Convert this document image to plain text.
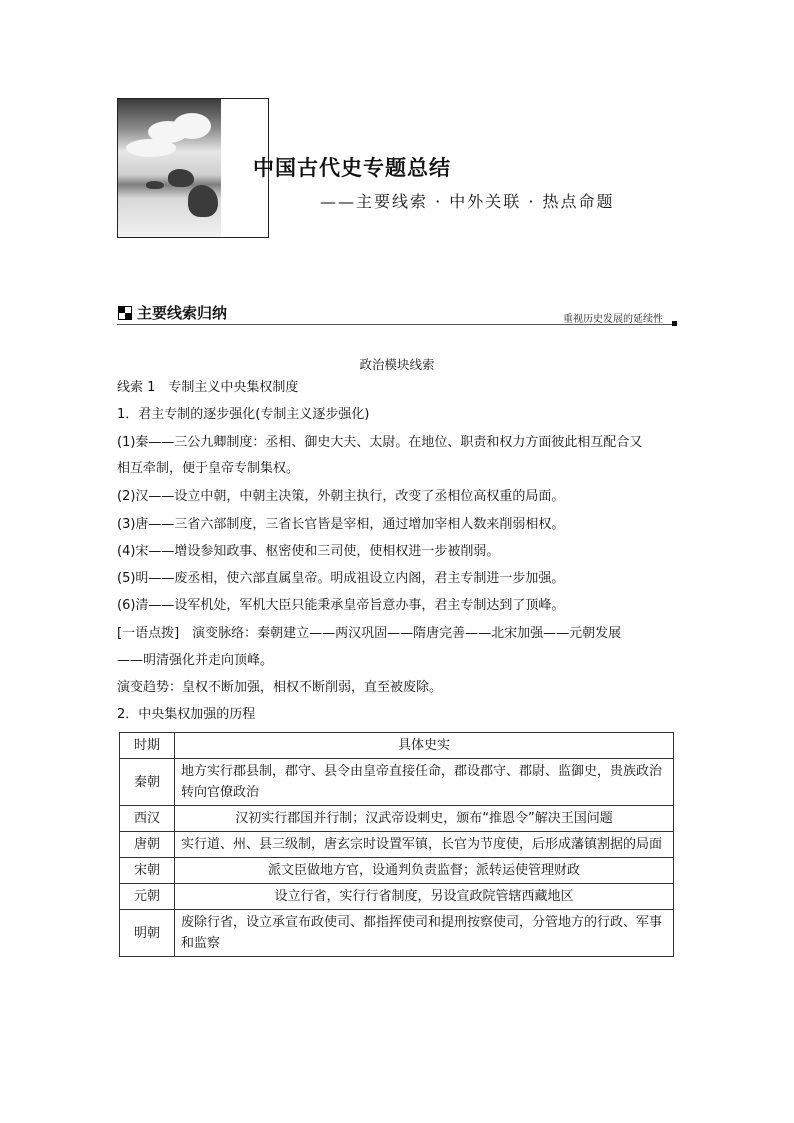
中国古代史专题总结
——主要线索 · 中外关联 · 热点命题
主要线索归纳	重视历史发展的延续性
政治模块线索
线索 1　专制主义中央集权制度
1．君主专制的逐步强化(专制主义逐步强化)
(1)秦——三公九卿制度：丞相、御史大夫、太尉。在地位、职责和权力方面彼此相互配合又
相互牵制，便于皇帝专制集权。
(2)汉——设立中朝，中朝主决策，外朝主执行，改变了丞相位高权重的局面。
(3)唐——三省六部制度，三省长官皆是宰相，通过增加宰相人数来削弱相权。
(4)宋——增设参知政事、枢密使和三司使，使相权进一步被削弱。
(5)明——废丞相，使六部直属皇帝。明成祖设立内阁，君主专制进一步加强。
(6)清——设军机处，军机大臣只能秉承皇帝旨意办事，君主专制达到了顶峰。
[一语点拨]　演变脉络：秦朝建立——两汉巩固——隋唐完善——北宋加强——元朝发展
——明清强化并走向顶峰。
演变趋势：皇权不断加强，相权不断削弱，直至被废除。
2．中央集权加强的历程
时期	具体史实
秦朝	地方实行郡县制，郡守、县令由皇帝直接任命，郡设郡守、郡尉、监御史，贵族政治转向官僚政治
西汉	汉初实行郡国并行制；汉武帝设刺史，颁布“推恩令”解决王国问题
唐朝	实行道、州、县三级制，唐玄宗时设置军镇，长官为节度使，后形成藩镇割据的局面
宋朝	派文臣做地方官，设通判负责监督；派转运使管理财政
元朝	设立行省，实行行省制度，另设宣政院管辖西藏地区
明朝	废除行省，设立承宣布政使司、都指挥使司和提刑按察使司，分管地方的行政、军事和监察
